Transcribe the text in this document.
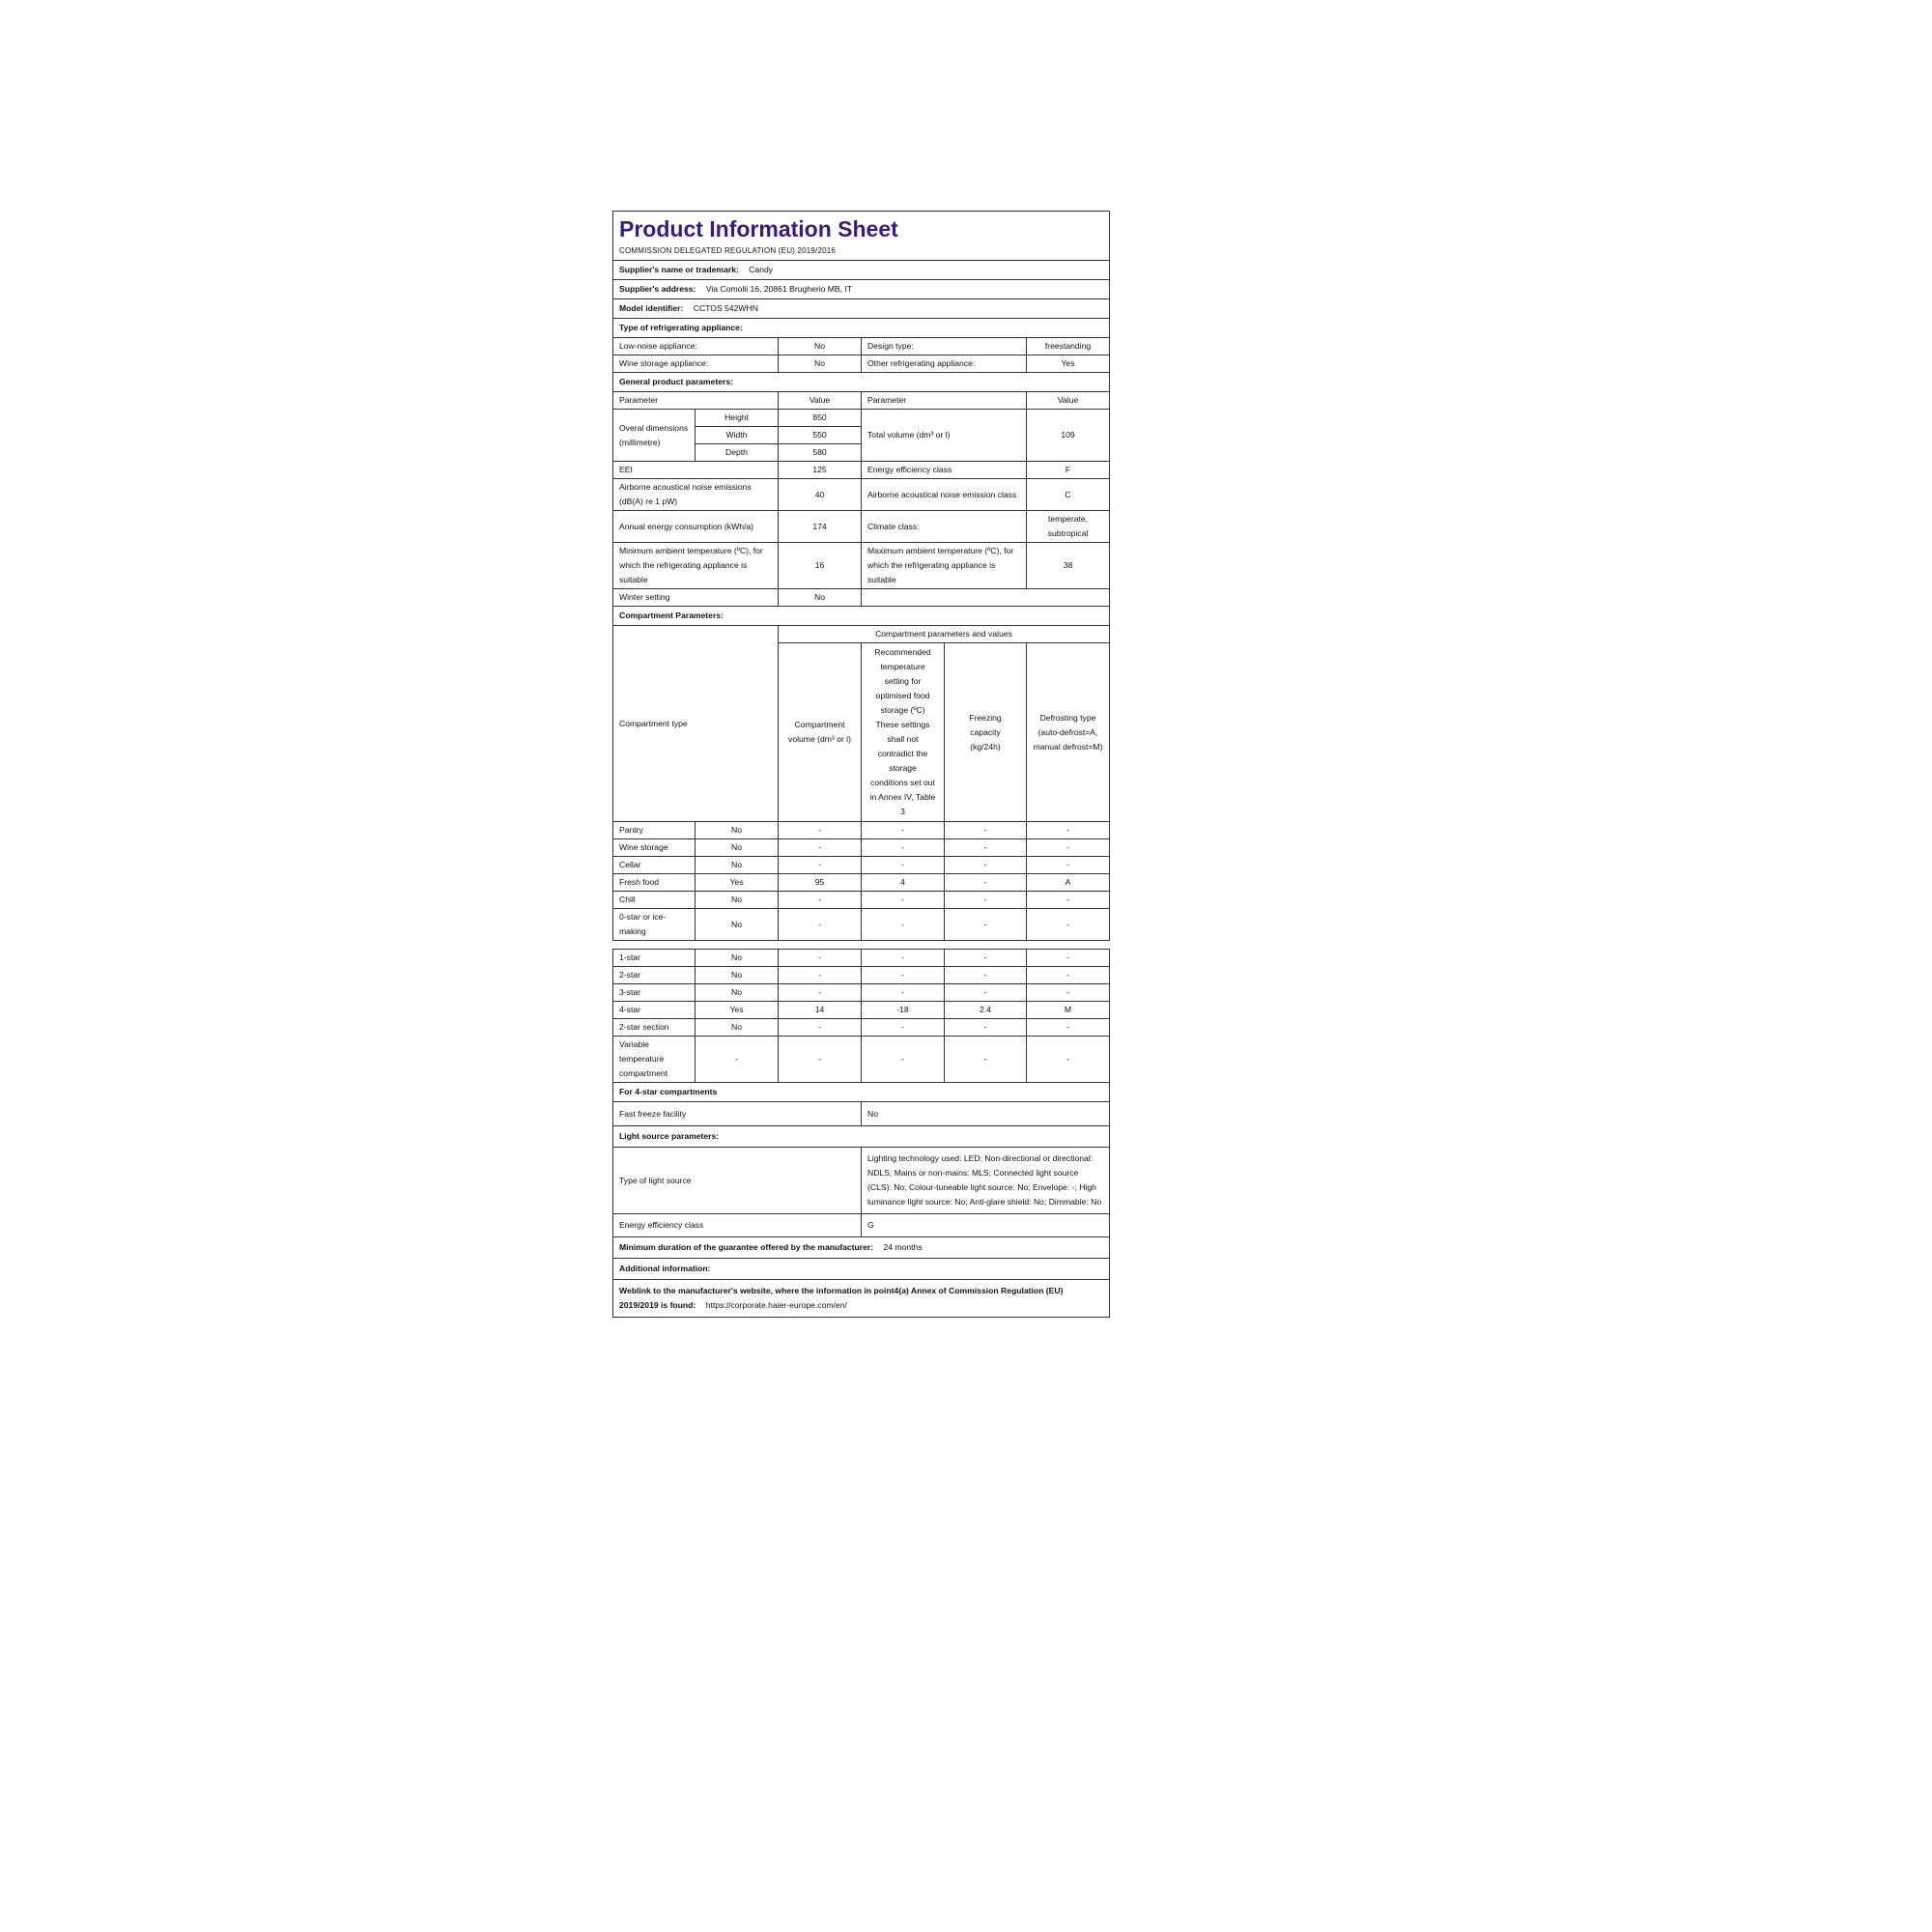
Product Information Sheet
COMMISSION DELEGATED REGULATION (EU) 2019/2016					

Supplier's name or trademark: Candy					
Supplier's address: Via Comolli 16, 20861 Brugherio MB, IT					
Model identifier: CCTOS 542WHN					
Type of refrigerating appliance:					
Low-noise appliance:		No	Design type:		freestanding
Wine storage appliance:		No	Other refrigerating appliance:		Yes
General product parameters:					
Parameter		Value	Parameter		Value
Overal dimensions (millimetre)	Height	850	Total volume (dm³ or l)		109
	Width	550			
	Depth	580			
EEI		125	Energy efficiency class		F
Airborne acoustical noise emissions (dB(A) re 1 pW)		40	Airborne acoustical noise emission class		C
Annual energy consumption (kWh/a)		174	Climate class:		temperate, subtropical
Minimum ambient temperature (ºC), for which the refrigerating appliance is suitable		16	Maximum ambient temperature (ºC), for which the refrigerating appliance is suitable		38
Winter setting		No			
Compartment Parameters:					
Compartment type		Compartment parameters and values			
		Compartment volume (dm³ or l)	Recommended temperature setting for optimised food storage (ºC) These settings shall not contradict the storage conditions set out in Annex IV, Table 3	Freezing capacity (kg/24h)	Defrosting type (auto-defrost=A, manual defrost=M)
Pantry	No	-	-	-	-
Wine storage	No	-	-	-	-
Cellar	No	-	-	-	-
Fresh food	Yes	95	4	-	A
Chill	No	-	-	-	-
0-star or ice-making	No	-	-	-	-
1-star	No	-	-	-	-
2-star	No	-	-	-	-
3-star	No	-	-	-	-
4-star	Yes	14	-18	2.4	M
2-star section	No	-	-	-	-
Variable temperature compartment	-	-	-	-	-
For 4-star compartments					
Fast freeze facility			No		
Light source parameters:					
Type of light source			Lighting technology used: LED; Non-directional or directional: NDLS; Mains or non-mains: MLS; Connected light source (CLS): No; Colour-tuneable light source: No; Envelope: -; High luminance light source: No; Anti-glare shield: No; Dimmable: No		
Energy efficiency class			G		
Minimum duration of the guarantee offered by the manufacturer: 24 months					
Additional information:					
Weblink to the manufacturer's website, where the information in point4(a) Annex of Commission Regulation (EU) 2019/2019 is found: https://corporate.haier-europe.com/en/					
